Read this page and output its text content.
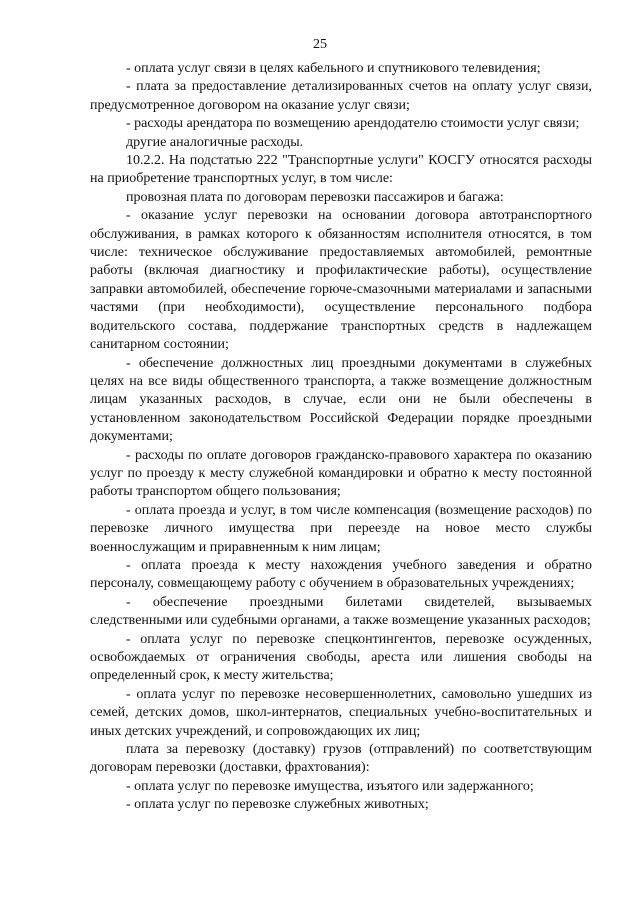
25

- оплата услуг связи в целях кабельного и спутникового телевидения;

- плата за предоставление детализированных счетов на оплату услуг связи, предусмотренное договором на оказание услуг связи;

- расходы арендатора по возмещению арендодателю стоимости услуг связи;

другие аналогичные расходы.

10.2.2. На подстатью 222 "Транспортные услуги" КОСГУ относятся расходы на приобретение транспортных услуг, в том числе:

провозная плата по договорам перевозки пассажиров и багажа:

- оказание услуг перевозки на основании договора автотранспортного обслуживания, в рамках которого к обязанностям исполнителя относятся, в том числе: техническое обслуживание предоставляемых автомобилей, ремонтные работы (включая диагностику и профилактические работы), осуществление заправки автомобилей, обеспечение горюче-смазочными материалами и запасными частями (при необходимости), осуществление персонального подбора водительского состава, поддержание транспортных средств в надлежащем санитарном состоянии;

- обеспечение должностных лиц проездными документами в служебных целях на все виды общественного транспорта, а также возмещение должностным лицам указанных расходов, в случае, если они не были обеспечены в установленном законодательством Российской Федерации порядке проездными документами;

- расходы по оплате договоров гражданско-правового характера по оказанию услуг по проезду к месту служебной командировки и обратно к месту постоянной работы транспортом общего пользования;

- оплата проезда и услуг, в том числе компенсация (возмещение расходов) по перевозке личного имущества при переезде на новое место службы военнослужащим и приравненным к ним лицам;

- оплата проезда к месту нахождения учебного заведения и обратно персоналу, совмещающему работу с обучением в образовательных учреждениях;

- обеспечение проездными билетами свидетелей, вызываемых следственными или судебными органами, а также возмещение указанных расходов;

- оплата услуг по перевозке спецконтингентов, перевозке осужденных, освобождаемых от ограничения свободы, ареста или лишения свободы на определенный срок, к месту жительства;

- оплата услуг по перевозке несовершеннолетних, самовольно ушедших из семей, детских домов, школ-интернатов, специальных учебно-воспитательных и иных детских учреждений, и сопровождающих их лиц;

плата за перевозку (доставку) грузов (отправлений) по соответствующим договорам перевозки (доставки, фрахтования):

- оплата услуг по перевозке имущества, изъятого или задержанного;

- оплата услуг по перевозке служебных животных;
